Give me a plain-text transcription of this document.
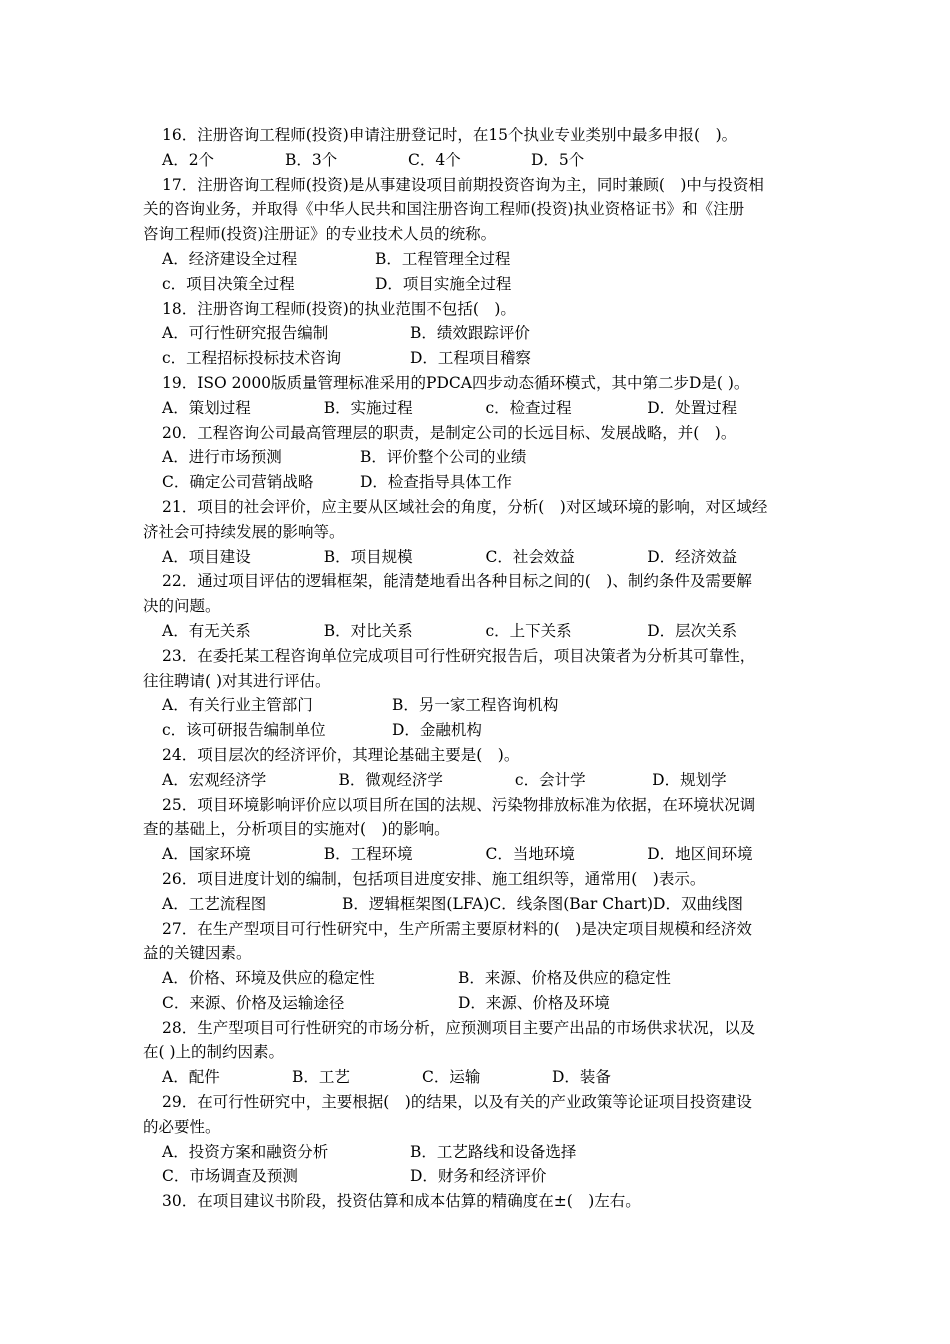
16．注册咨询工程师(投资)申请注册登记时，在15个执业专业类别中最多申报(　)。
A．2个	B．3个	C．4个	D．5个
17．注册咨询工程师(投资)是从事建设项目前期投资咨询为主，同时兼顾(　)中与投资相
关的咨询业务，并取得《中华人民共和国注册咨询工程师(投资)执业资格证书》和《注册
咨询工程师(投资)注册证》的专业技术人员的统称。
A．经济建设全过程	B．工程管理全过程
c．项目决策全过程	D．项目实施全过程
18．注册咨询工程师(投资)的执业范围不包括(　)。
A．可行性研究报告编制	B．绩效跟踪评价
c．工程招标投标技术咨询	D．工程项目稽察
19．ISO 2000版质量管理标准采用的PDCA四步动态循环模式，其中第二步D是( )。
A．策划过程	B．实施过程	c．检查过程	D．处置过程
20．工程咨询公司最高管理层的职责，是制定公司的长远目标、发展战略，并(　)。
A．进行市场预测	B．评价整个公司的业绩
C．确定公司营销战略	D．检查指导具体工作
21．项目的社会评价，应主要从区域社会的角度，分析(　)对区域环境的影响，对区域经
济社会可持续发展的影响等。
A．项目建设	B．项目规模	C．社会效益	D．经济效益
22．通过项目评估的逻辑框架，能清楚地看出各种目标之间的(　)、制约条件及需要解
决的问题。
A．有无关系	B．对比关系	c．上下关系	D．层次关系
23．在委托某工程咨询单位完成项目可行性研究报告后，项目决策者为分析其可靠性，
往往聘请( )对其进行评估。
A．有关行业主管部门	B．另一家工程咨询机构
c．该可研报告编制单位	D．金融机构
24．项目层次的经济评价，其理论基础主要是(　)。
A．宏观经济学	B．微观经济学	c．会计学	D．规划学
25．项目环境影响评价应以项目所在国的法规、污染物排放标准为依据，在环境状况调
查的基础上，分析项目的实施对(　)的影响。
A．国家环境	B．工程环境	C．当地环境	D．地区间环境
26．项目进度计划的编制，包括项目进度安排、施工组织等，通常用(　)表示。
A．工艺流程图	B．逻辑框架图(LFA)C．线条图(Bar Chart)D．双曲线图
27．在生产型项目可行性研究中，生产所需主要原材料的(　)是决定项目规模和经济效
益的关键因素。
A．价格、环境及供应的稳定性	B．来源、价格及供应的稳定性
C．来源、价格及运输途径	D．来源、价格及环境
28．生产型项目可行性研究的市场分析，应预测项目主要产出品的市场供求状况，以及
在( )上的制约因素。
A．配件	B．工艺	C．运输	D．装备
29．在可行性研究中，主要根据(　)的结果，以及有关的产业政策等论证项目投资建设
的必要性。
A．投资方案和融资分析	B．工艺路线和设备选择
C．市场调查及预测	D．财务和经济评价
30．在项目建议书阶段，投资估算和成本估算的精确度在±(　)左右。
